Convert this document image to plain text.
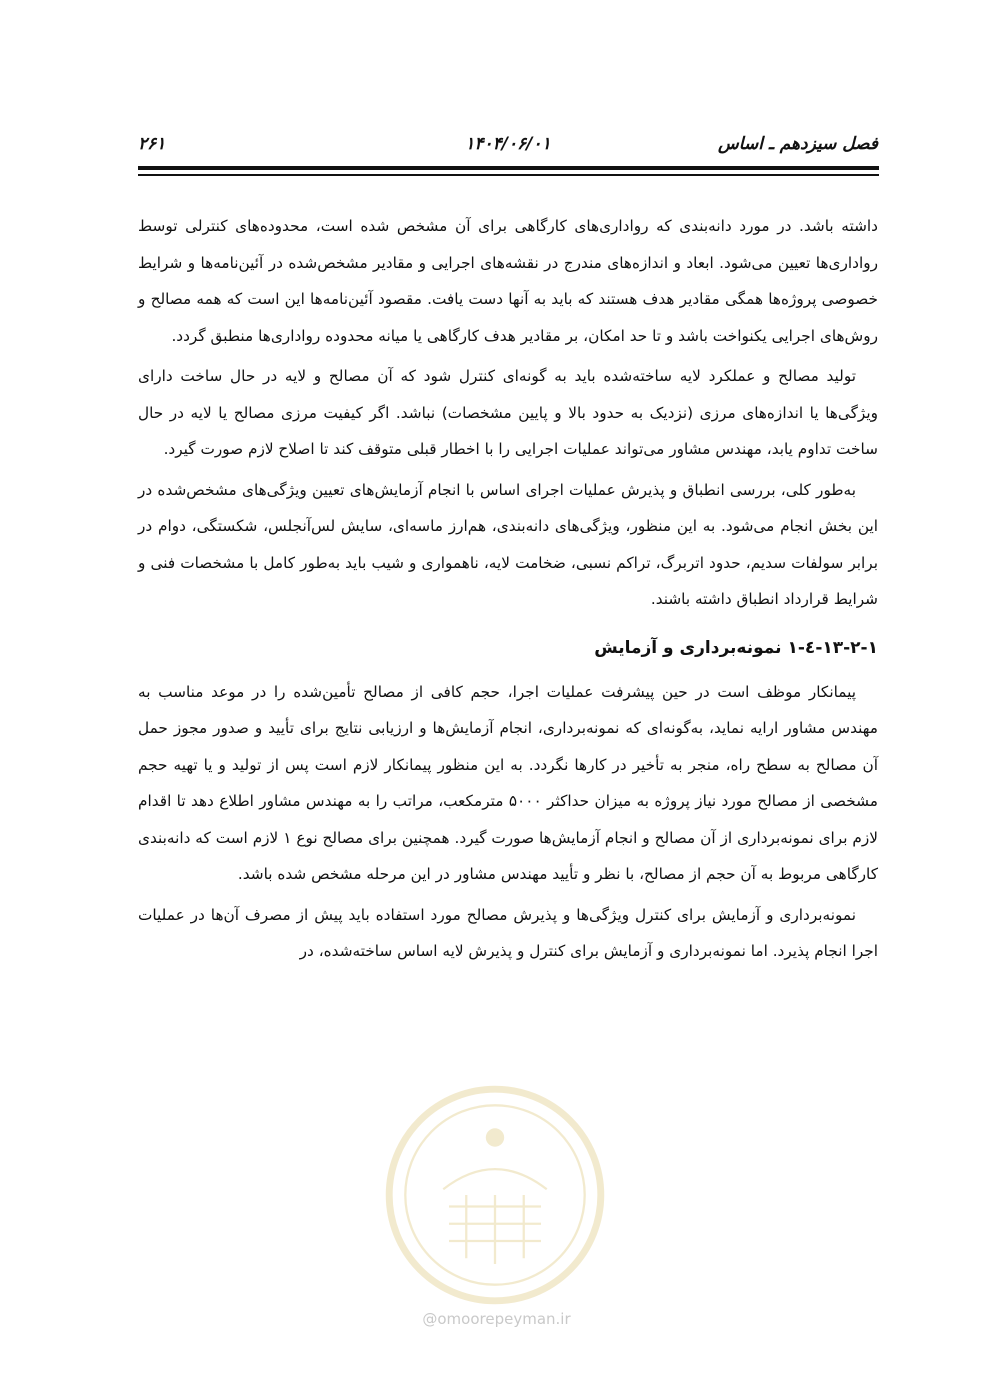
فصل سیزدهم ـ اساس
۱۴۰۴/۰۶/۰۱
۲۶۱

داشته باشد. در مورد دانه‌بندی که رواداری‌های کارگاهی برای آن مشخص شده است، محدوده‌های کنترلی توسط رواداری‌ها تعیین می‌شود. ابعاد و اندازه‌های مندرج در نقشه‌های اجرایی و مقادیر مشخص‌شده در آئین‌نامه‌ها و شرایط خصوصی پروژه‌ها همگی مقادیر هدف هستند که باید به آنها دست یافت. مقصود آئین‌نامه‌ها این است که همه مصالح و روش‌های اجرایی یکنواخت باشد و تا حد امکان، بر مقادیر هدف کارگاهی یا میانه محدوده رواداری‌ها منطبق گردد.

تولید مصالح و عملکرد لایه ساخته‌شده باید به گونه‌ای کنترل شود که آن مصالح و لایه در حال ساخت دارای ویژگی‌ها یا اندازه‌های مرزی (نزدیک به حدود بالا و پایین مشخصات) نباشد. اگر کیفیت مرزی مصالح یا لایه در حال ساخت تداوم یابد، مهندس مشاور می‌تواند عملیات اجرایی را با اخطار قبلی متوقف کند تا اصلاح لازم صورت گیرد.

به‌طور کلی، بررسی انطباق و پذیرش عملیات اجرای اساس با انجام آزمایش‌های تعیین ویژگی‌های مشخص‌شده در این بخش انجام می‌شود. به این منظور، ویژگی‌های دانه‌بندی، هم‌ارز ماسه‌ای، سایش لس‌آنجلس، شکستگی، دوام در برابر سولفات سدیم، حدود اتربرگ، تراکم نسبی، ضخامت لایه، ناهمواری و شیب باید به‌طور کامل با مشخصات فنی و شرایط قرارداد انطباق داشته باشند.

۱۳-۲-۱-٤-۱ نمونه‌برداری و آزمایش

پیمانکار موظف است در حین پیشرفت عملیات اجرا، حجم کافی از مصالح تأمین‌شده را در موعد مناسب به مهندس مشاور ارایه نماید، به‌گونه‌ای که نمونه‌برداری، انجام آزمایش‌ها و ارزیابی نتایج برای تأیید و صدور مجوز حمل آن مصالح به سطح راه، منجر به تأخیر در کارها نگردد. به این منظور پیمانکار لازم است پس از تولید و یا تهیه حجم مشخصی از مصالح مورد نیاز پروژه به میزان حداکثر ۵۰۰۰ مترمکعب، مراتب را به مهندس مشاور اطلاع دهد تا اقدام لازم برای نمونه‌برداری از آن مصالح و انجام آزمایش‌ها صورت گیرد. همچنین برای مصالح نوع ۱ لازم است که دانه‌بندی کارگاهی مربوط به آن حجم از مصالح، با نظر و تأیید مهندس مشاور در این مرحله مشخص شده باشد.

نمونه‌برداری و آزمایش برای کنترل ویژگی‌ها و پذیرش مصالح مورد استفاده باید پیش از مصرف آن‌ها در عملیات اجرا انجام پذیرد. اما نمونه‌برداری و آزمایش برای کنترل و پذیرش لایه اساس ساخته‌شده، در

@omoorepeyman.ir
